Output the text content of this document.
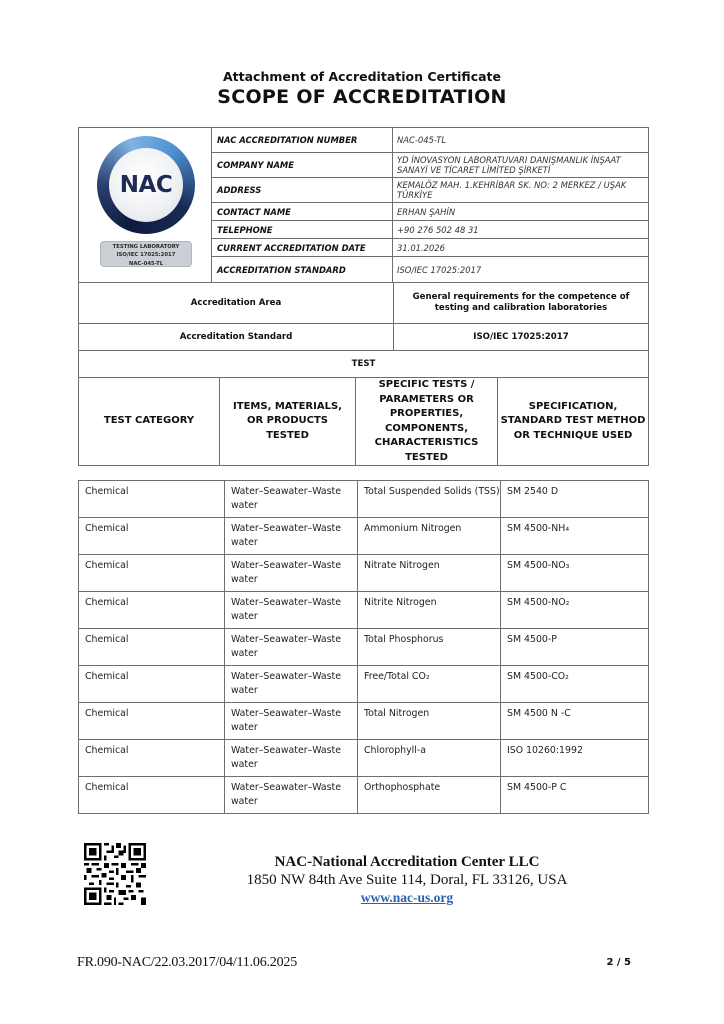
Attachment of Accreditation Certificate
SCOPE OF ACCREDITATION
NAC
TESTING LABORATORY
ISO/IEC 17025:2017
NAC-045-TL	NAC ACCREDITATION NUMBER	NAC-045-TL
	COMPANY NAME	YD İNOVASYON LABORATUVARI DANIŞMANLIK İNŞAAT SANAYİ VE TİCARET LİMİTED ŞİRKETİ
	ADDRESS	KEMALÖZ MAH. 1.KEHRİBAR SK. NO: 2 MERKEZ / UŞAK TÜRKİYE
	CONTACT NAME	ERHAN ŞAHİN
	TELEPHONE	+90 276 502 48 31
	CURRENT ACCREDITATION DATE	31.01.2026
	ACCREDITATION STANDARD	ISO/IEC 17025:2017
Accreditation Area	General requirements for the competence of testing and calibration laboratories
Accreditation Standard	ISO/IEC 17025:2017
TEST	
TEST CATEGORY	ITEMS, MATERIALS, OR PRODUCTS TESTED	SPECIFIC TESTS / PARAMETERS OR PROPERTIES, COMPONENTS, CHARACTERISTICS TESTED	SPECIFICATION, STANDARD TEST METHOD OR TECHNIQUE USED
Chemical	Water–Seawater–Waste water	Total Suspended Solids (TSS)	SM 2540 D
Chemical	Water–Seawater–Waste water	Ammonium Nitrogen	SM 4500-NH₄
Chemical	Water–Seawater–Waste water	Nitrate Nitrogen	SM 4500-NO₃
Chemical	Water–Seawater–Waste water	Nitrite Nitrogen	SM 4500-NO₂
Chemical	Water–Seawater–Waste water	Total Phosphorus	SM 4500-P
Chemical	Water–Seawater–Waste water	Free/Total CO₂	SM 4500-CO₂
Chemical	Water–Seawater–Waste water	Total Nitrogen	SM 4500 N -C
Chemical	Water–Seawater–Waste water	Chlorophyll-a	ISO 10260:1992
Chemical	Water–Seawater–Waste water	Orthophosphate	SM 4500-P C
NAC-National Accreditation Center LLC
1850 NW 84th Ave Suite 114, Doral, FL 33126, USA
www.nac-us.org
FR.090-NAC/22.03.2017/04/11.06.2025	2 / 5
